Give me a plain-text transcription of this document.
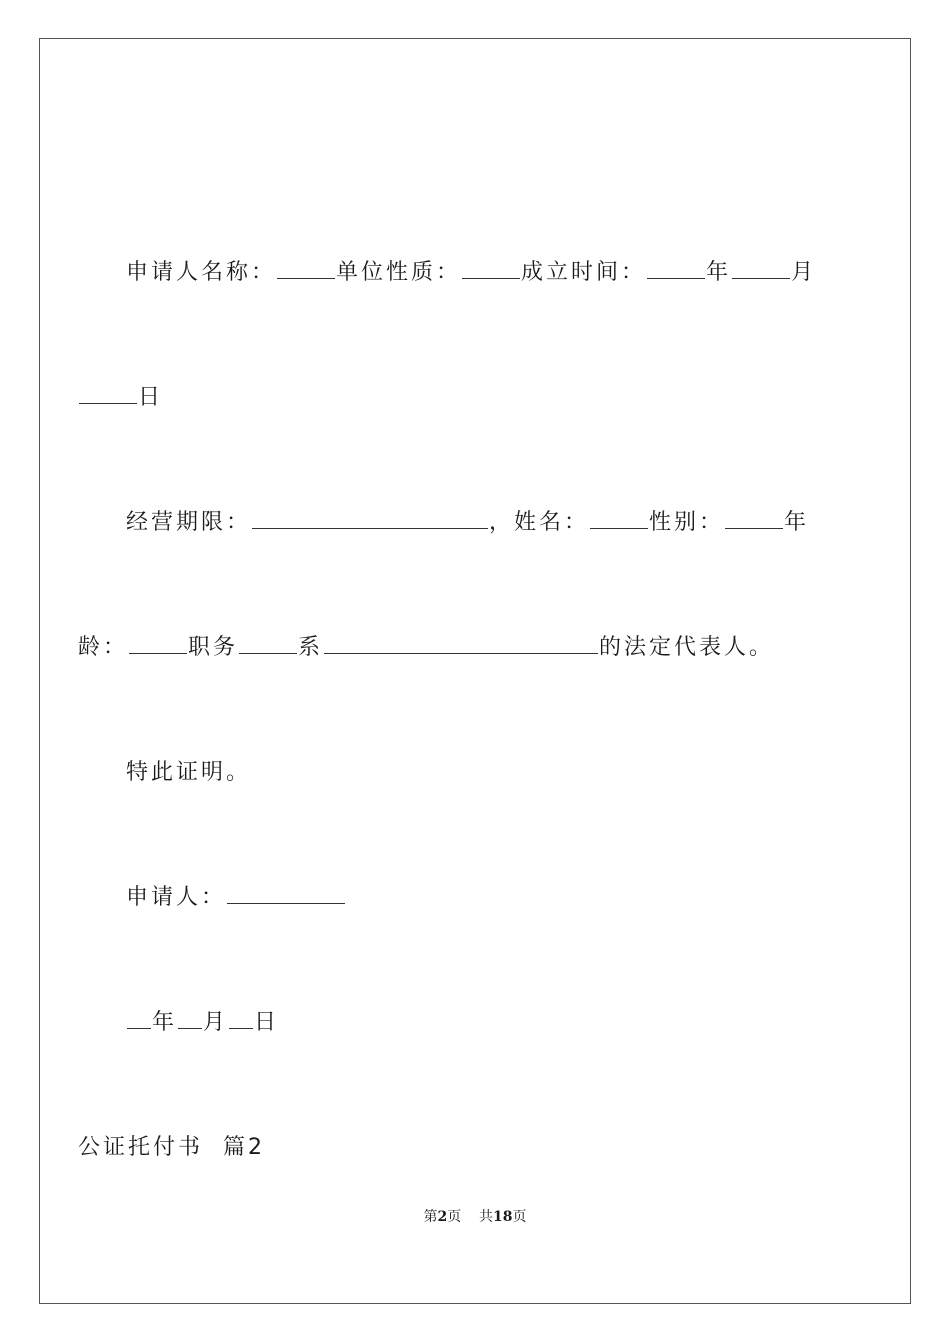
申请人名称：	单位性质：	成立时间：	年	月
日
经营期限：	，姓名：	性别：	年
龄：	职务	系	的法定代表人。
特此证明。
申请人：
年 月 日
公证托付书  篇2
第2页 共18页
